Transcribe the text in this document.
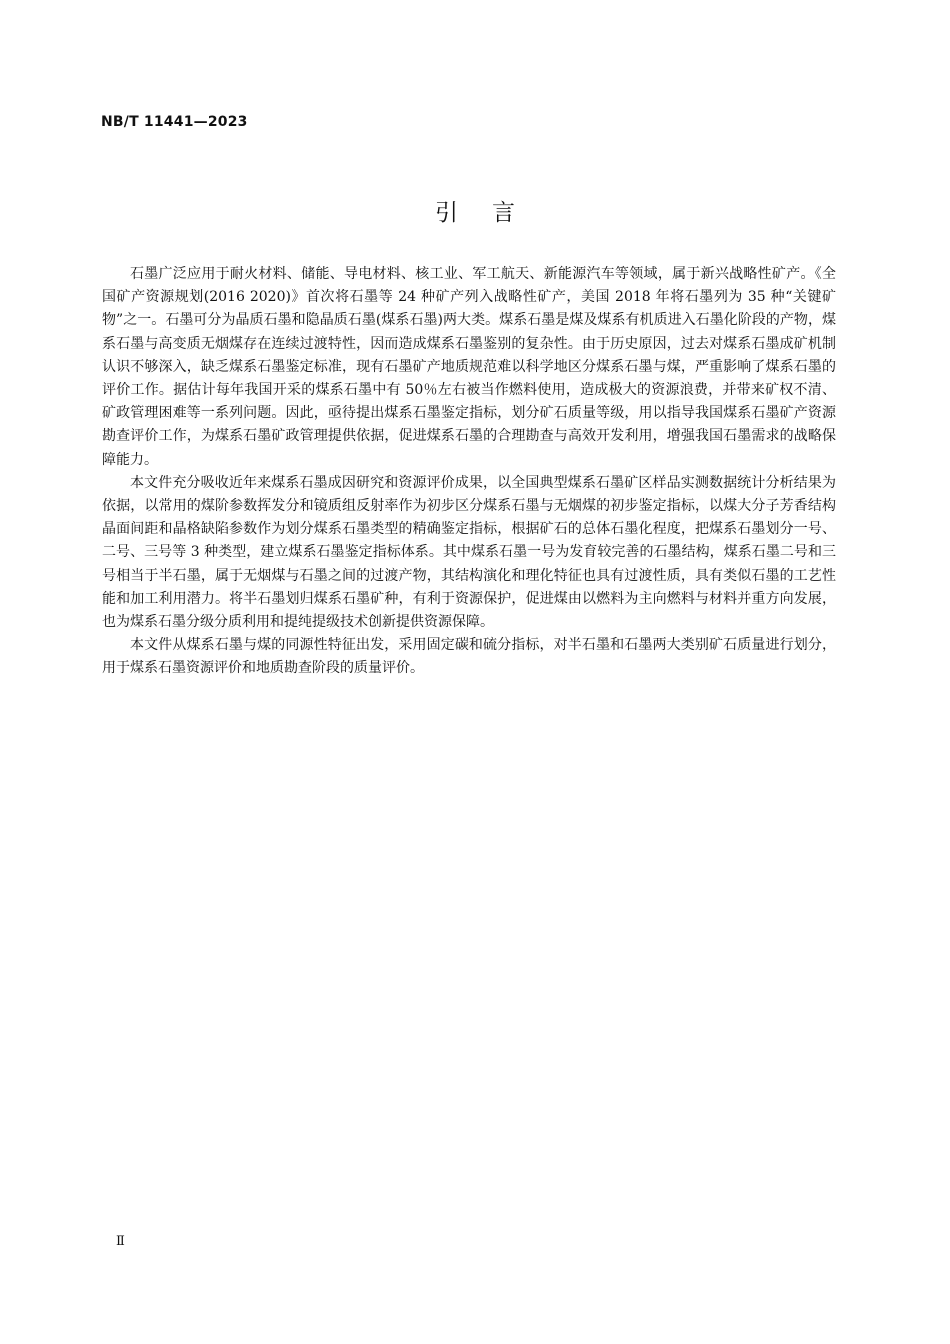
NB/T 11441—2023
引言

石墨广泛应用于耐火材料、储能、导电材料、核工业、军工航天、新能源汽车等领域，属于新兴战略性矿产。《全国矿产资源规划(2016 2020)》首次将石墨等 24 种矿产列入战略性矿产，美国 2018 年将石墨列为 35 种“关键矿物”之一。石墨可分为晶质石墨和隐晶质石墨(煤系石墨)两大类。煤系石墨是煤及煤系有机质进入石墨化阶段的产物，煤系石墨与高变质无烟煤存在连续过渡特性，因而造成煤系石墨鉴别的复杂性。由于历史原因，过去对煤系石墨成矿机制认识不够深入，缺乏煤系石墨鉴定标准，现有石墨矿产地质规范难以科学地区分煤系石墨与煤，严重影响了煤系石墨的评价工作。据估计每年我国开采的煤系石墨中有 50％左右被当作燃料使用，造成极大的资源浪费，并带来矿权不清、矿政管理困难等一系列问题。因此，亟待提出煤系石墨鉴定指标，划分矿石质量等级，用以指导我国煤系石墨矿产资源勘查评价工作，为煤系石墨矿政管理提供依据，促进煤系石墨的合理勘查与高效开发利用，增强我国石墨需求的战略保障能力。

本文件充分吸收近年来煤系石墨成因研究和资源评价成果，以全国典型煤系石墨矿区样品实测数据统计分析结果为依据，以常用的煤阶参数挥发分和镜质组反射率作为初步区分煤系石墨与无烟煤的初步鉴定指标，以煤大分子芳香结构晶面间距和晶格缺陷参数作为划分煤系石墨类型的精确鉴定指标，根据矿石的总体石墨化程度，把煤系石墨划分一号、二号、三号等 3 种类型，建立煤系石墨鉴定指标体系。其中煤系石墨一号为发育较完善的石墨结构，煤系石墨二号和三号相当于半石墨，属于无烟煤与石墨之间的过渡产物，其结构演化和理化特征也具有过渡性质，具有类似石墨的工艺性能和加工利用潜力。将半石墨划归煤系石墨矿种，有利于资源保护，促进煤由以燃料为主向燃料与材料并重方向发展，也为煤系石墨分级分质利用和提纯提级技术创新提供资源保障。

本文件从煤系石墨与煤的同源性特征出发，采用固定碳和硫分指标，对半石墨和石墨两大类别矿石质量进行划分，用于煤系石墨资源评价和地质勘查阶段的质量评价。

Ⅱ
